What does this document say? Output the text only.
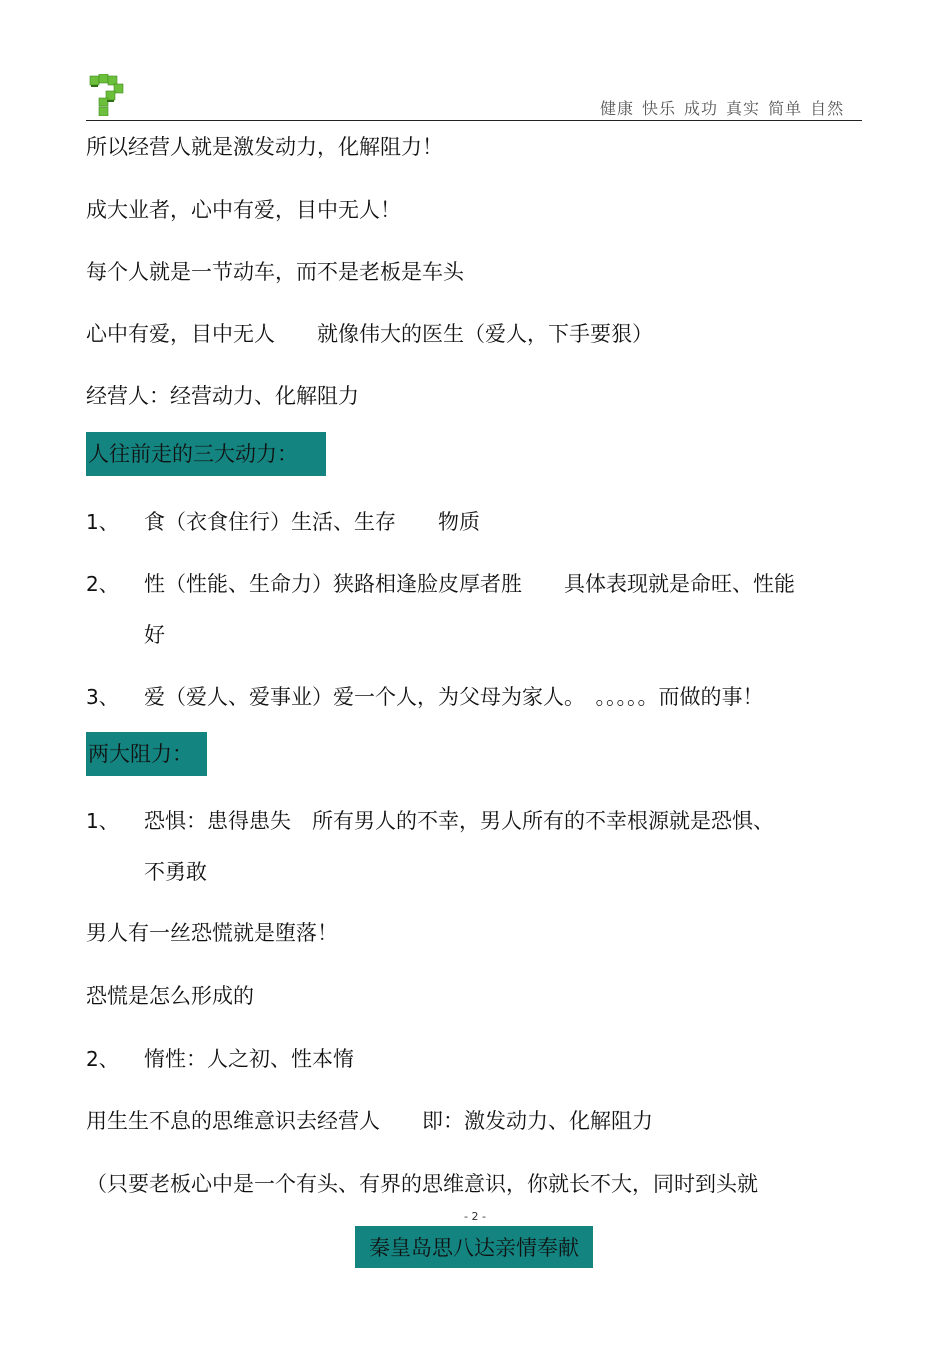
健康 快乐 成功 真实 简单 自然
所以经营人就是激发动力，化解阻力！
成大业者，心中有爱，目中无人！
每个人就是一节动车，而不是老板是车头
心中有爱，目中无人　　就像伟大的医生（爱人，下手要狠）
经营人：经营动力、化解阻力
人往前走的三大动力：
1、 食（衣食住行）生活、生存　　物质
2、 性（性能、生命力）狭路相逢脸皮厚者胜　　具体表现就是命旺、性能
好
3、 爱（爱人、爱事业）爱一个人，为父母为家人。　。。。。。而做的事！
两大阻力：
1、 恐惧：患得患失　所有男人的不幸，男人所有的不幸根源就是恐惧、
不勇敢
男人有一丝恐慌就是堕落！
恐慌是怎么形成的
2、 惰性：人之初、性本惰
用生生不息的思维意识去经营人　　即：激发动力、化解阻力
（只要老板心中是一个有头、有界的思维意识，你就长不大，同时到头就
- 2 -
秦皇岛思八达亲情奉献
